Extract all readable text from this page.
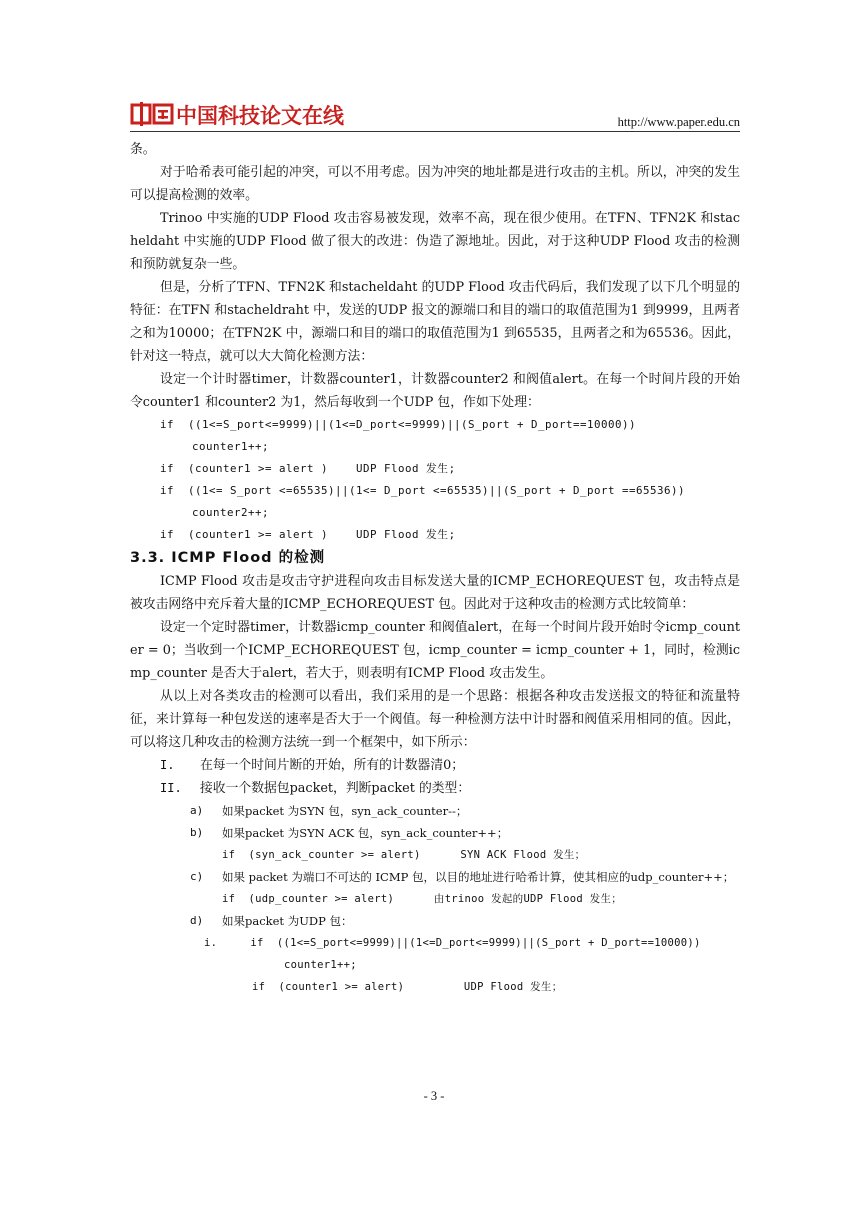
中国科技论文在线	http://www.paper.edu.cn

条。

对于哈希表可能引起的冲突，可以不用考虑。因为冲突的地址都是进行攻击的主机。所以，冲突的发生可以提高检测的效率。

Trinoo 中实施的UDP Flood 攻击容易被发现，效率不高，现在很少使用。在TFN、TFN2K 和stacheldaht 中实施的UDP Flood 做了很大的改进：伪造了源地址。因此，对于这种UDP Flood 攻击的检测和预防就复杂一些。

但是，分析了TFN、TFN2K 和stacheldaht 的UDP Flood 攻击代码后，我们发现了以下几个明显的特征：在TFN 和stacheldraht 中，发送的UDP 报文的源端口和目的端口的取值范围为1 到9999，且两者之和为10000；在TFN2K 中，源端口和目的端口的取值范围为1 到65535，且两者之和为65536。因此，针对这一特点，就可以大大简化检测方法：

设定一个计时器timer，计数器counter1，计数器counter2 和阀值alert。在每一个时间片段的开始令counter1 和counter2 为1，然后每收到一个UDP 包，作如下处理：

if  ((1<=S_port<=9999)||(1<=D_port<=9999)||(S_port + D_port==10000))

counter1++;

if  (counter1 >= alert )    UDP Flood 发生;

if  ((1<= S_port <=65535)||(1<= D_port <=65535)||(S_port + D_port ==65536))

counter2++;

if  (counter1 >= alert )    UDP Flood 发生;

3.3. ICMP Flood 的检测

ICMP Flood 攻击是攻击守护进程向攻击目标发送大量的ICMP_ECHOREQUEST 包，攻击特点是被攻击网络中充斥着大量的ICMP_ECHOREQUEST 包。因此对于这种攻击的检测方式比较简单：

设定一个定时器timer，计数器icmp_counter 和阀值alert，在每一个时间片段开始时令icmp_counter = 0；当收到一个ICMP_ECHOREQUEST 包，icmp_counter = icmp_counter + 1，同时，检测icmp_counter 是否大于alert，若大于，则表明有ICMP Flood 攻击发生。

从以上对各类攻击的检测可以看出，我们采用的是一个思路：根据各种攻击发送报文的特征和流量特征，来计算每一种包发送的速率是否大于一个阀值。每一种检测方法中计时器和阀值采用相同的值。因此，可以将这几种攻击的检测方法统一到一个框架中，如下所示：

I.	在每一个时间片断的开始，所有的计数器清0；
II.	接收一个数据包packet，判断packet 的类型：
a)	如果packet 为SYN 包，syn_ack_counter--；
b)	如果packet 为SYN ACK 包，syn_ack_counter++；

if  (syn_ack_counter >= alert)      SYN ACK Flood 发生；

c)	如果 packet 为端口不可达的 ICMP 包，以目的地址进行哈希计算，使其相应的udp_counter++；

if  (udp_counter >= alert)      由trinoo 发起的UDP Flood 发生；

d)	如果packet 为UDP 包：

i.     if  ((1<=S_port<=9999)||(1<=D_port<=9999)||(S_port + D_port==10000))

counter1++;

if  (counter1 >= alert)         UDP Flood 发生；

- 3 -
